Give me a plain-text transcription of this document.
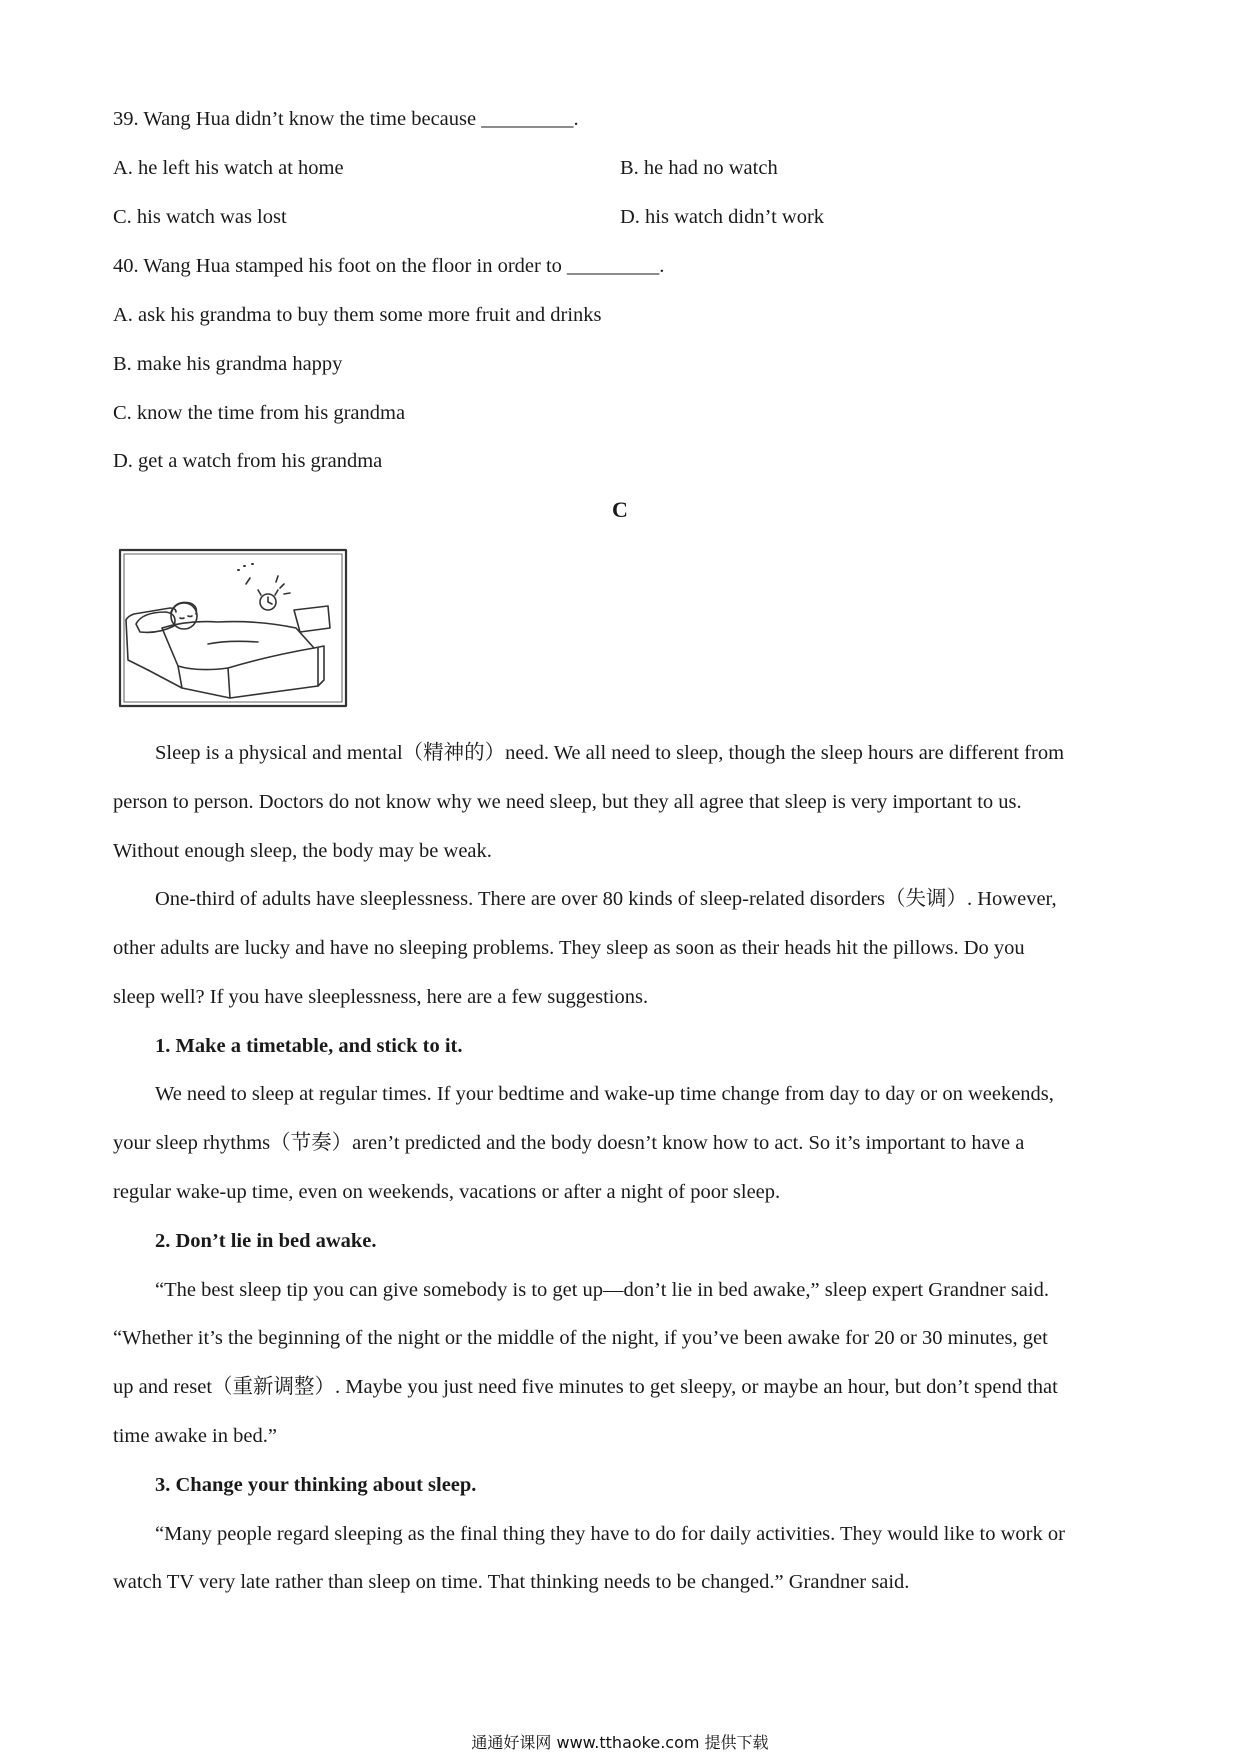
39. Wang Hua didn’t know the time because _________.
A. he left his watch at home	B. he had no watch
C. his watch was lost	D. his watch didn’t work
40. Wang Hua stamped his foot on the floor in order to _________.
A. ask his grandma to buy them some more fruit and drinks
B. make his grandma happy
C. know the time from his grandma
D. get a watch from his grandma
C
Sleep is a physical and mental（精神的）need. We all need to sleep, though the sleep hours are different from
person to person. Doctors do not know why we need sleep, but they all agree that sleep is very important to us.
Without enough sleep, the body may be weak.
One-third of adults have sleeplessness. There are over 80 kinds of sleep-related disorders（失调）. However,
other adults are lucky and have no sleeping problems. They sleep as soon as their heads hit the pillows. Do you
sleep well? If you have sleeplessness, here are a few suggestions.
1. Make a timetable, and stick to it.
We need to sleep at regular times. If your bedtime and wake-up time change from day to day or on weekends,
your sleep rhythms（节奏）aren’t predicted and the body doesn’t know how to act. So it’s important to have a
regular wake-up time, even on weekends, vacations or after a night of poor sleep.
2. Don’t lie in bed awake.
“The best sleep tip you can give somebody is to get up—don’t lie in bed awake,” sleep expert Grandner said.
“Whether it’s the beginning of the night or the middle of the night, if you’ve been awake for 20 or 30 minutes, get
up and reset（重新调整）. Maybe you just need five minutes to get sleepy, or maybe an hour, but don’t spend that
time awake in bed.”
3. Change your thinking about sleep.
“Many people regard sleeping as the final thing they have to do for daily activities. They would like to work or
watch TV very late rather than sleep on time. That thinking needs to be changed.” Grandner said.
通通好课网 www.tthaoke.com 提供下载
